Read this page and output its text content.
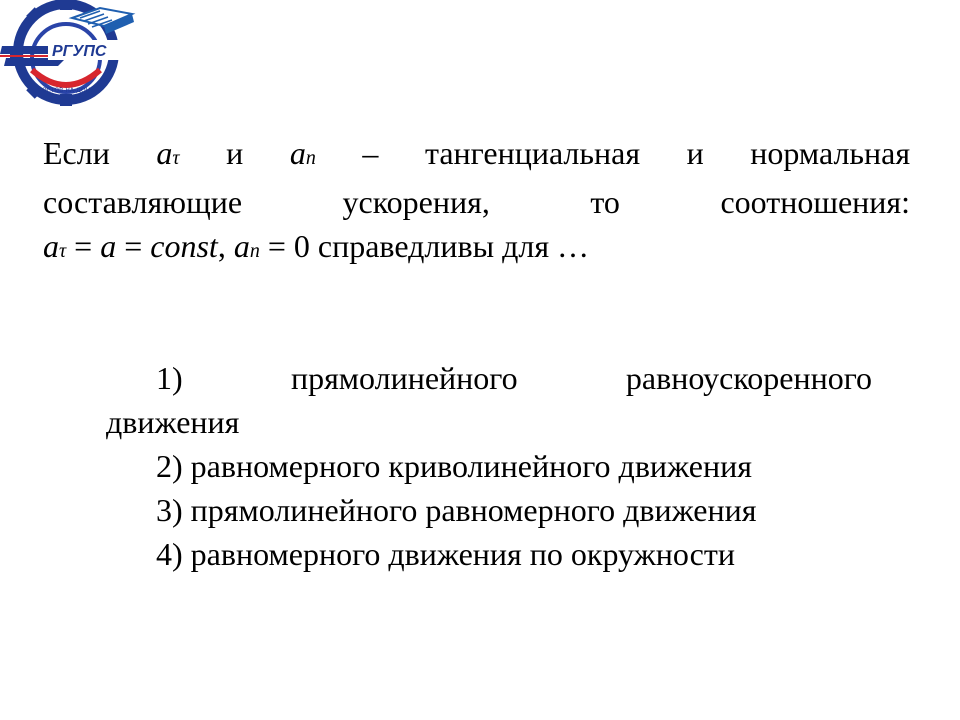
РГУПС
РОСТОВ-НА-ДОНУ
Если aτ и an – тангенциальная и нормальная
составляющие	ускорения,	то	соотношения:
aτ = a = const, an = 0 справедливы для …
1)	прямолинейного	равноускоренного
движения
2) равномерного криволинейного движения
3) прямолинейного равномерного движения
4) равномерного движения по окружности
